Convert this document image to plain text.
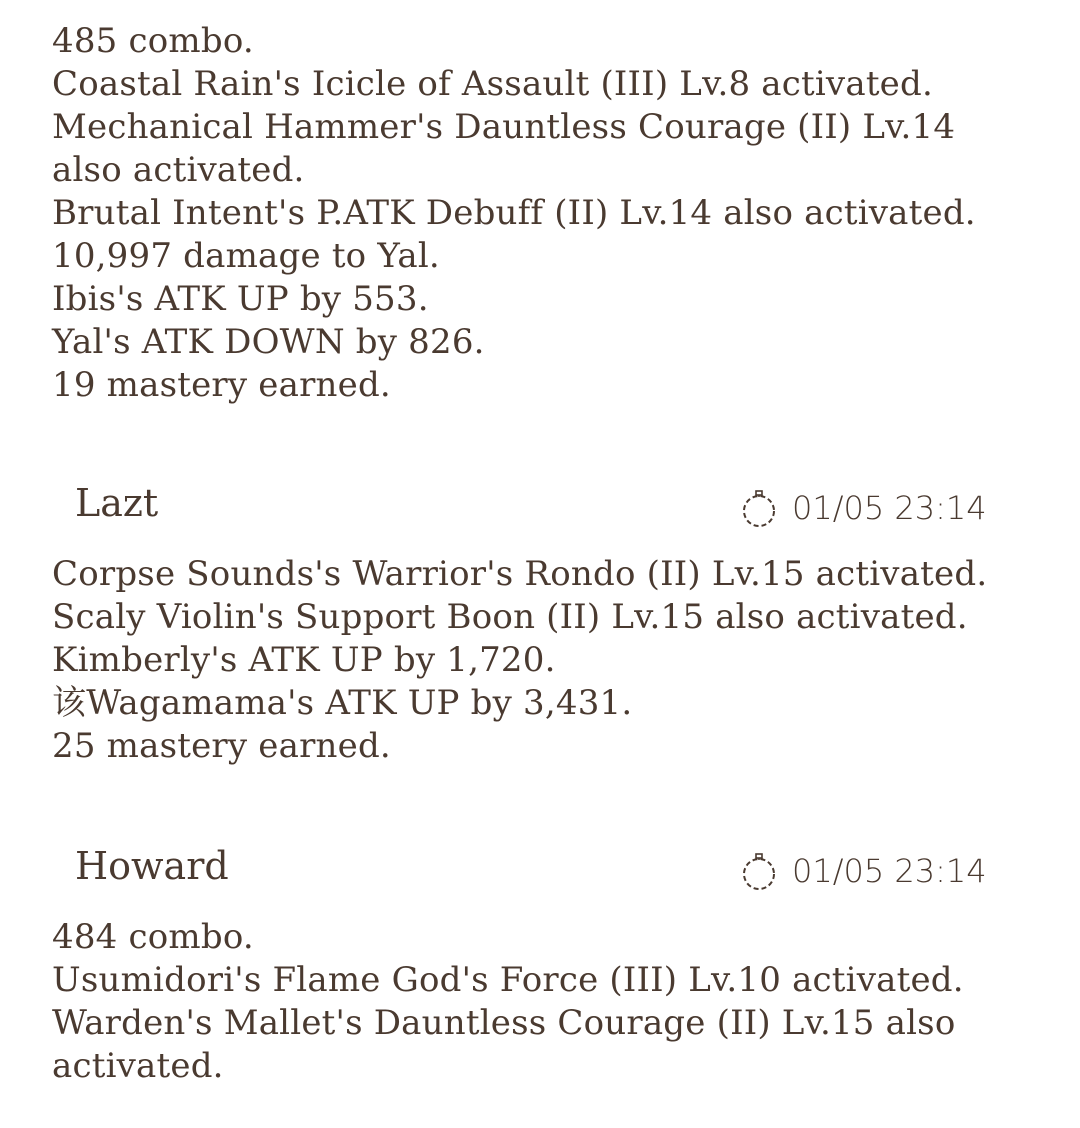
485 combo.
Coastal Rain's Icicle of Assault (III) Lv.8 activated.
Mechanical Hammer's Dauntless Courage (II) Lv.14
also activated.
Brutal Intent's P.ATK Debuff (II) Lv.14 also activated.
10,997 damage to Yal.
Ibis's ATK UP by 553.
Yal's ATK DOWN by 826.
19 mastery earned.
Lazt	01/05 23:14
Corpse Sounds's Warrior's Rondo (II) Lv.15 activated.
Scaly Violin's Support Boon (II) Lv.15 also activated.
Kimberly's ATK UP by 1,720.
该Wagamama's ATK UP by 3,431.
25 mastery earned.
Howard	01/05 23:14
484 combo.
Usumidori's Flame God's Force (III) Lv.10 activated.
Warden's Mallet's Dauntless Courage (II) Lv.15 also
activated.
